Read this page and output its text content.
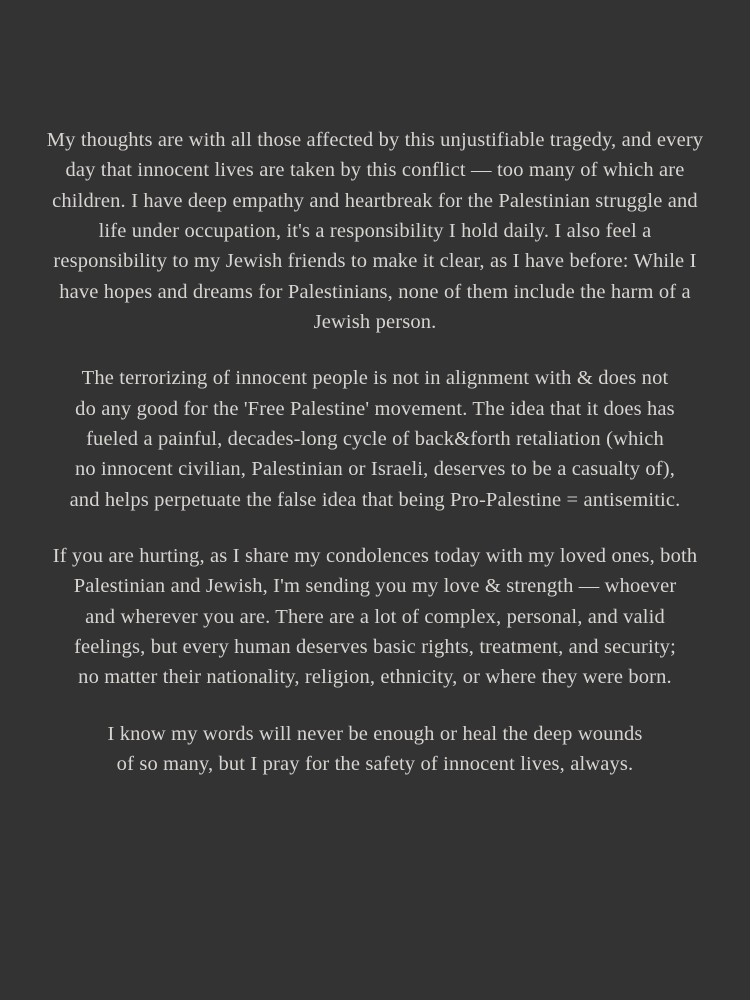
My thoughts are with all those affected by this unjustifiable tragedy, and every day that innocent lives are taken by this conflict — too many of which are children. I have deep empathy and heartbreak for the Palestinian struggle and life under occupation, it's a responsibility I hold daily. I also feel a responsibility to my Jewish friends to make it clear, as I have before: While I have hopes and dreams for Palestinians, none of them include the harm of a Jewish person.

The terrorizing of innocent people is not in alignment with & does not do any good for the 'Free Palestine' movement. The idea that it does has fueled a painful, decades-long cycle of back&forth retaliation (which no innocent civilian, Palestinian or Israeli, deserves to be a casualty of), and helps perpetuate the false idea that being Pro-Palestine = antisemitic.

If you are hurting, as I share my condolences today with my loved ones, both Palestinian and Jewish, I'm sending you my love & strength — whoever and wherever you are. There are a lot of complex, personal, and valid feelings, but every human deserves basic rights, treatment, and security; no matter their nationality, religion, ethnicity, or where they were born.

I know my words will never be enough or heal the deep wounds of so many, but I pray for the safety of innocent lives, always.
